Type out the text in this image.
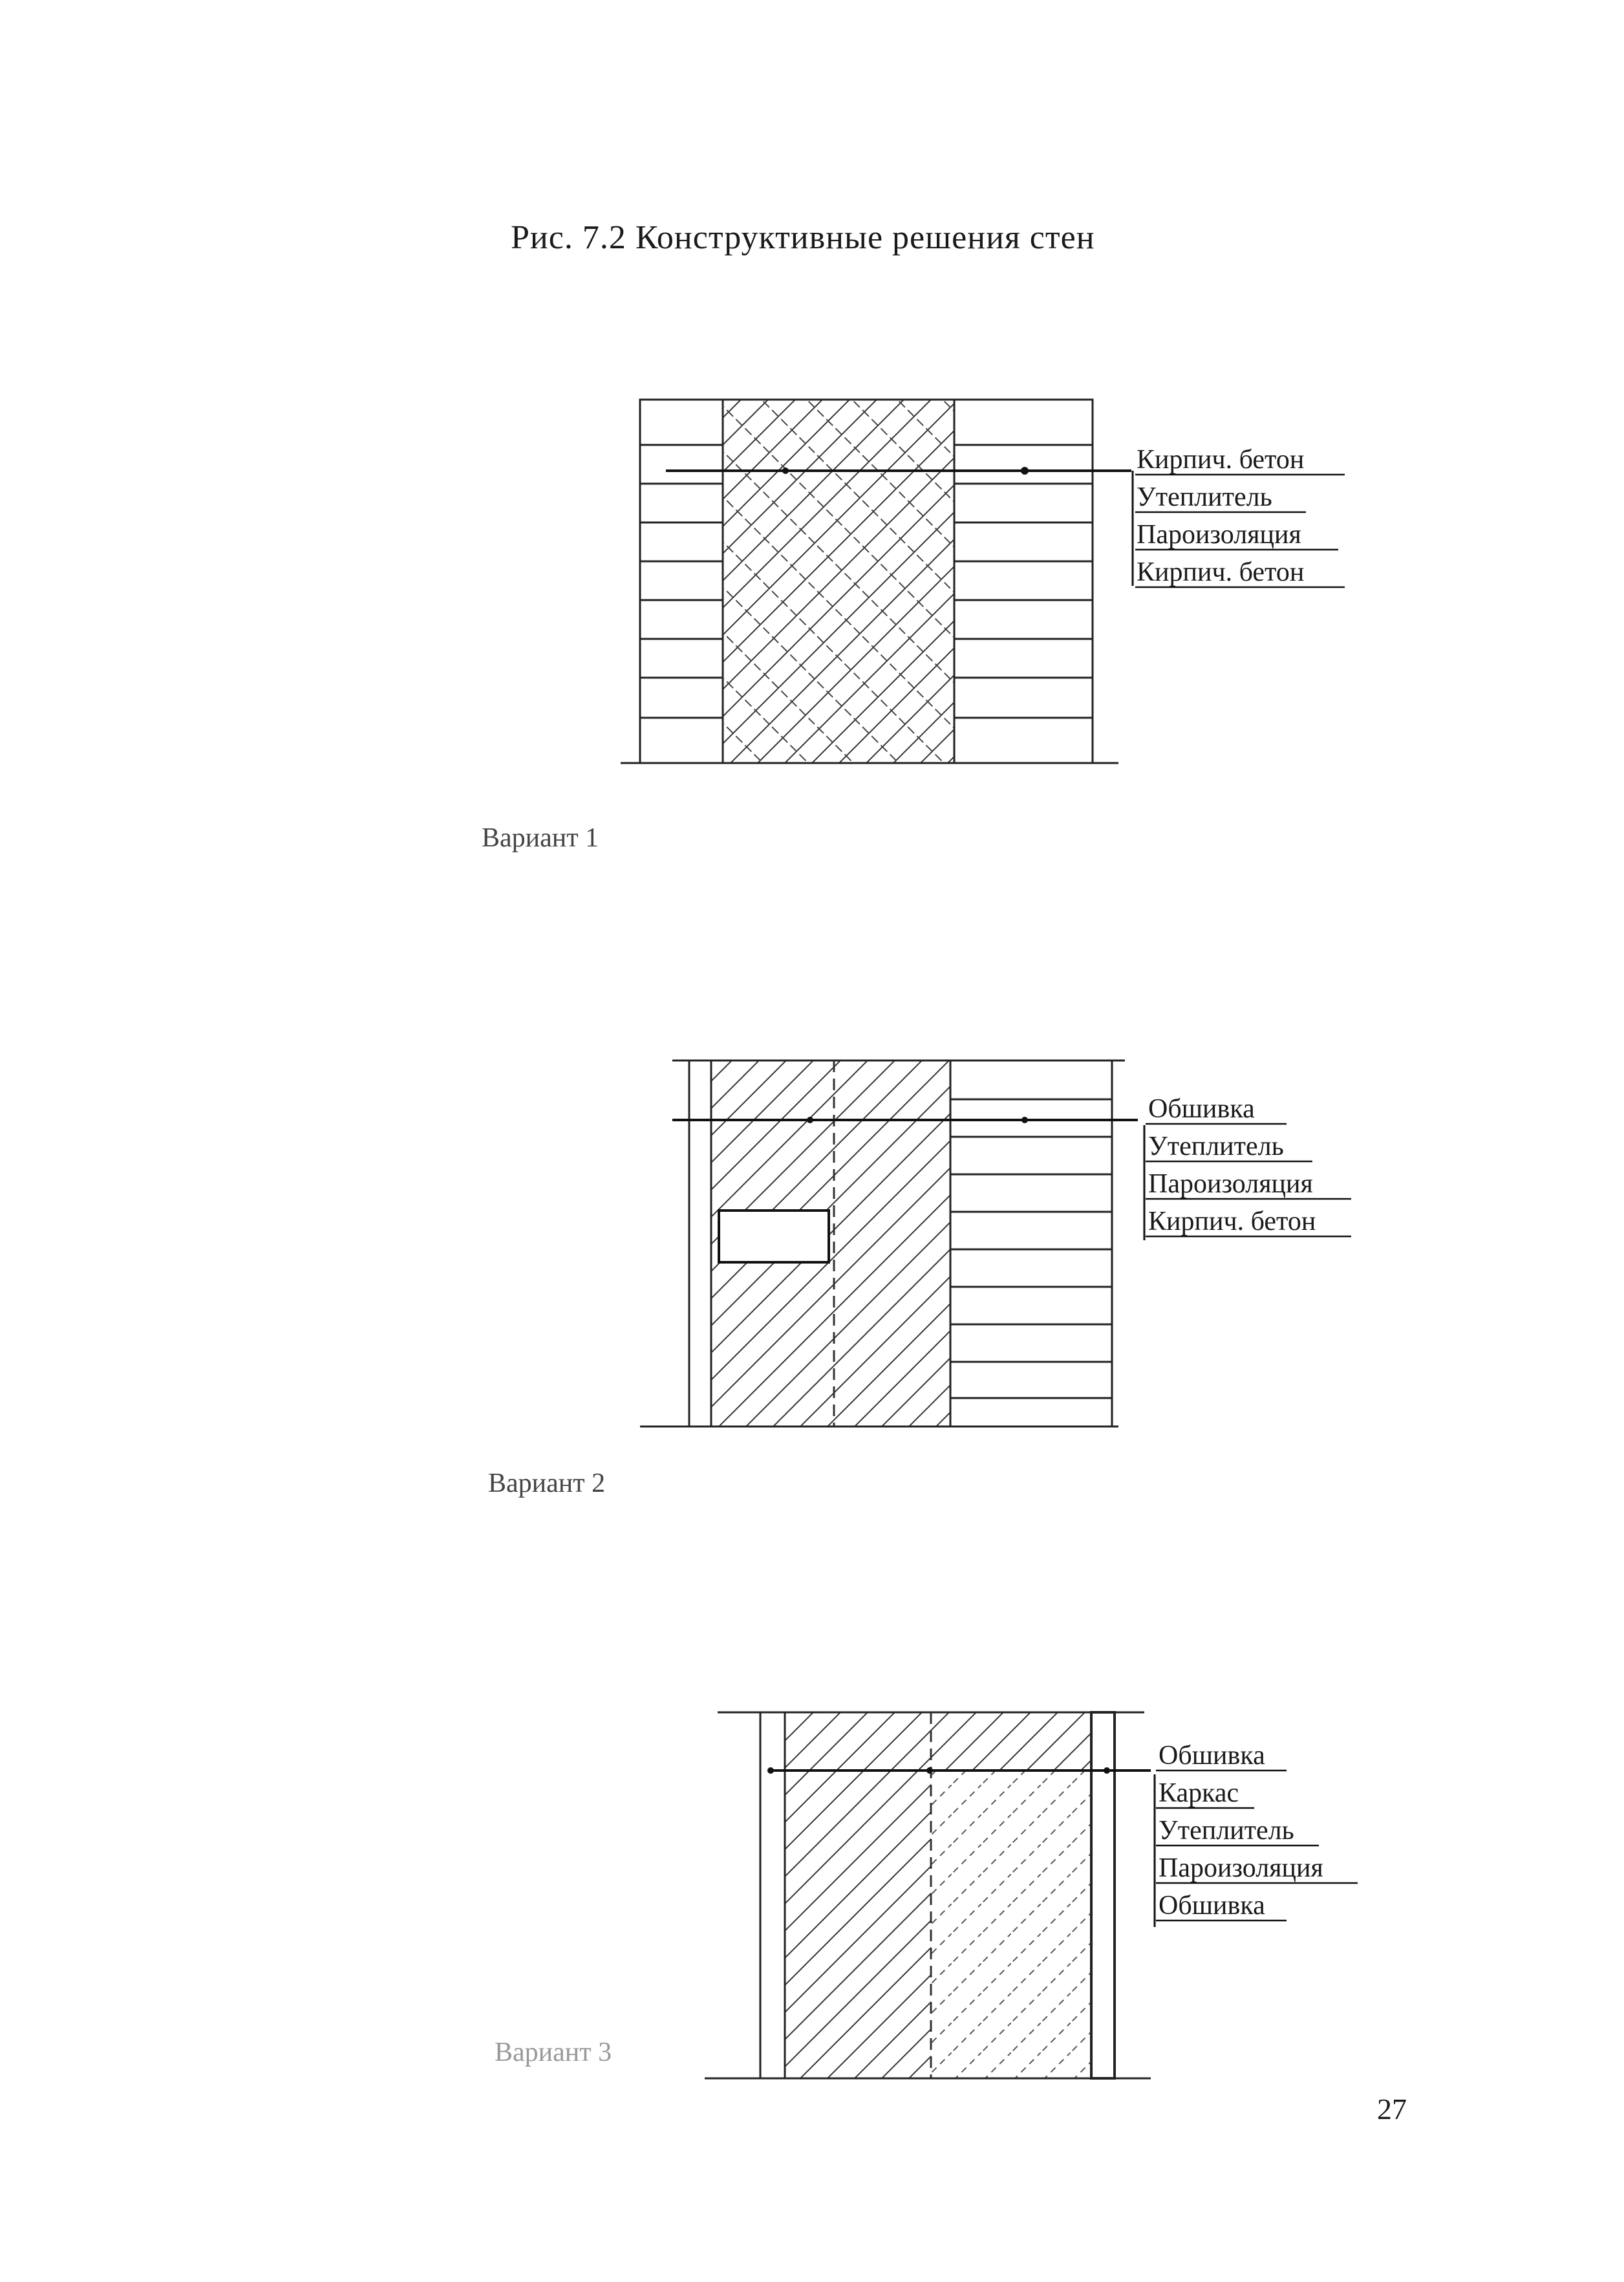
Рис. 7.2 Конструктивные решения стен
Кирпич. бетон
Утеплитель
Пароизоляция
Кирпич. бетон
Обшивка
Утеплитель
Пароизоляция
Кирпич. бетон
Обшивка
Каркас
Утеплитель
Пароизоляция
Обшивка
Вариант 1
Вариант 2
Вариант 3
27
